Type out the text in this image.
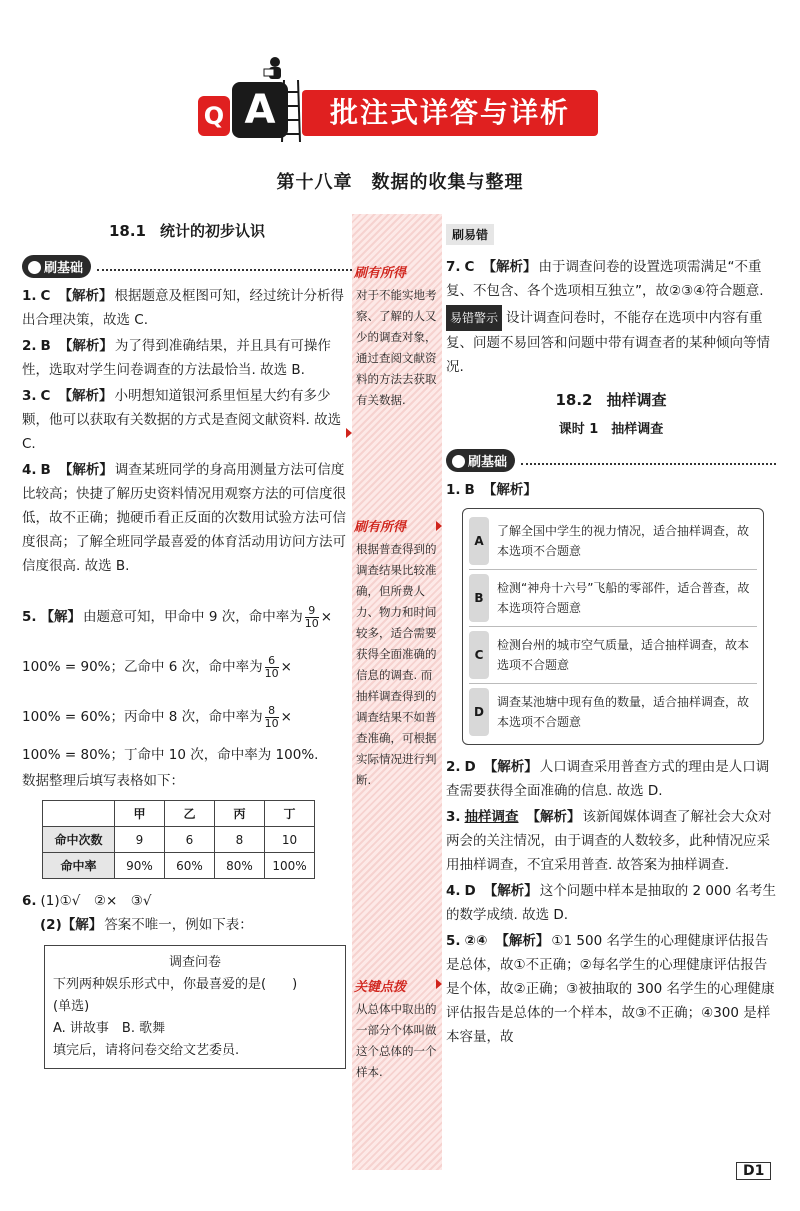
Q A	批注式详答与详析
第十八章　数据的收集与整理
18.1 统计的初步认识
刷基础
1. C 【解析】 根据题意及框图可知，经过统计分析得出合理决策，故选 C.
2. B 【解析】 为了得到准确结果，并且具有可操作性，选取对学生问卷调查的方法最恰当. 故选 B.
3. C 【解析】 小明想知道银河系里恒星大约有多少颗，他可以获取有关数据的方式是查阅文献资料. 故选 C.
4. B 【解析】 调查某班同学的身高用测量方法可信度比较高；快捷了解历史资料情况用观察方法的可信度很低，故不正确；抛硬币看正反面的次数用试验方法可信度很高；了解全班同学最喜爱的体育活动用访问方法可信度很高. 故选 B.
5. 【解】 由题意可知，甲命中 9 次，命中率为 $\frac{9}{10}$ ×
100% = 90%；乙命中 6 次，命中率为 $\frac{6}{10}$ ×
100% = 60%；丙命中 8 次，命中率为 $\frac{8}{10}$ ×
100% = 80%；丁命中 10 次，命中率为 100%.
数据整理后填写表格如下：
	甲	乙	丙	丁
命中次数	9	6	8	10
命中率	90%	60%	80%	100%
6. (1)①√　②×　③√
(2)【解】 答案不唯一，例如下表：
调查问卷
下列两种娱乐形式中，你最喜爱的是(　　)
(单选)
A. 讲故事　B. 歌舞
填完后，请将问卷交给文艺委员.
刷有所得
对于不能实地考察、了解的人又少的调查对象，通过查阅文献资料的方法去获取有关数据.
刷有所得
根据普查得到的调查结果比较准确，但所费人力、物力和时间较多，适合需要获得全面准确的信息的调查. 而抽样调查得到的调查结果不如普查准确，可根据实际情况进行判断.
关键点拨
从总体中取出的一部分个体叫做这个总体的一个样本.
刷易错
7. C 【解析】 由于调查问卷的设置选项需满足“不重复、不包含、各个选项相互独立”，故②③④符合题意.
易错警示 设计调查问卷时，不能存在选项中内容有重复、问题不易回答和问题中带有调查者的某种倾向等情况.
18.2 抽样调查
课时 1　抽样调查
刷基础
1. B 【解析】
A
了解全国中学生的视力情况，适合抽样调查，故本选项不合题意
B
检测“神舟十六号”飞船的零部件，适合普查，故本选项符合题意
C
检测台州的城市空气质量，适合抽样调查，故本选项不合题意
D
调查某池塘中现有鱼的数量，适合抽样调查，故本选项不合题意
2. D 【解析】 人口调查采用普查方式的理由是人口调查需要获得全面准确的信息. 故选 D.
3. 抽样调查 【解析】 该新闻媒体调查了解社会大众对两会的关注情况，由于调查的人数较多，此种情况应采用抽样调查，不宜采用普查. 故答案为抽样调查.
4. D 【解析】 这个问题中样本是抽取的 2 000 名考生的数学成绩. 故选 D.
5. ②④ 【解析】 ①1 500 名学生的心理健康评估报告是总体，故①不正确；②每名学生的心理健康评估报告是个体，故②正确；③被抽取的 300 名学生的心理健康评估报告是总体的一个样本，故③不正确；④300 是样本容量，故
D1
